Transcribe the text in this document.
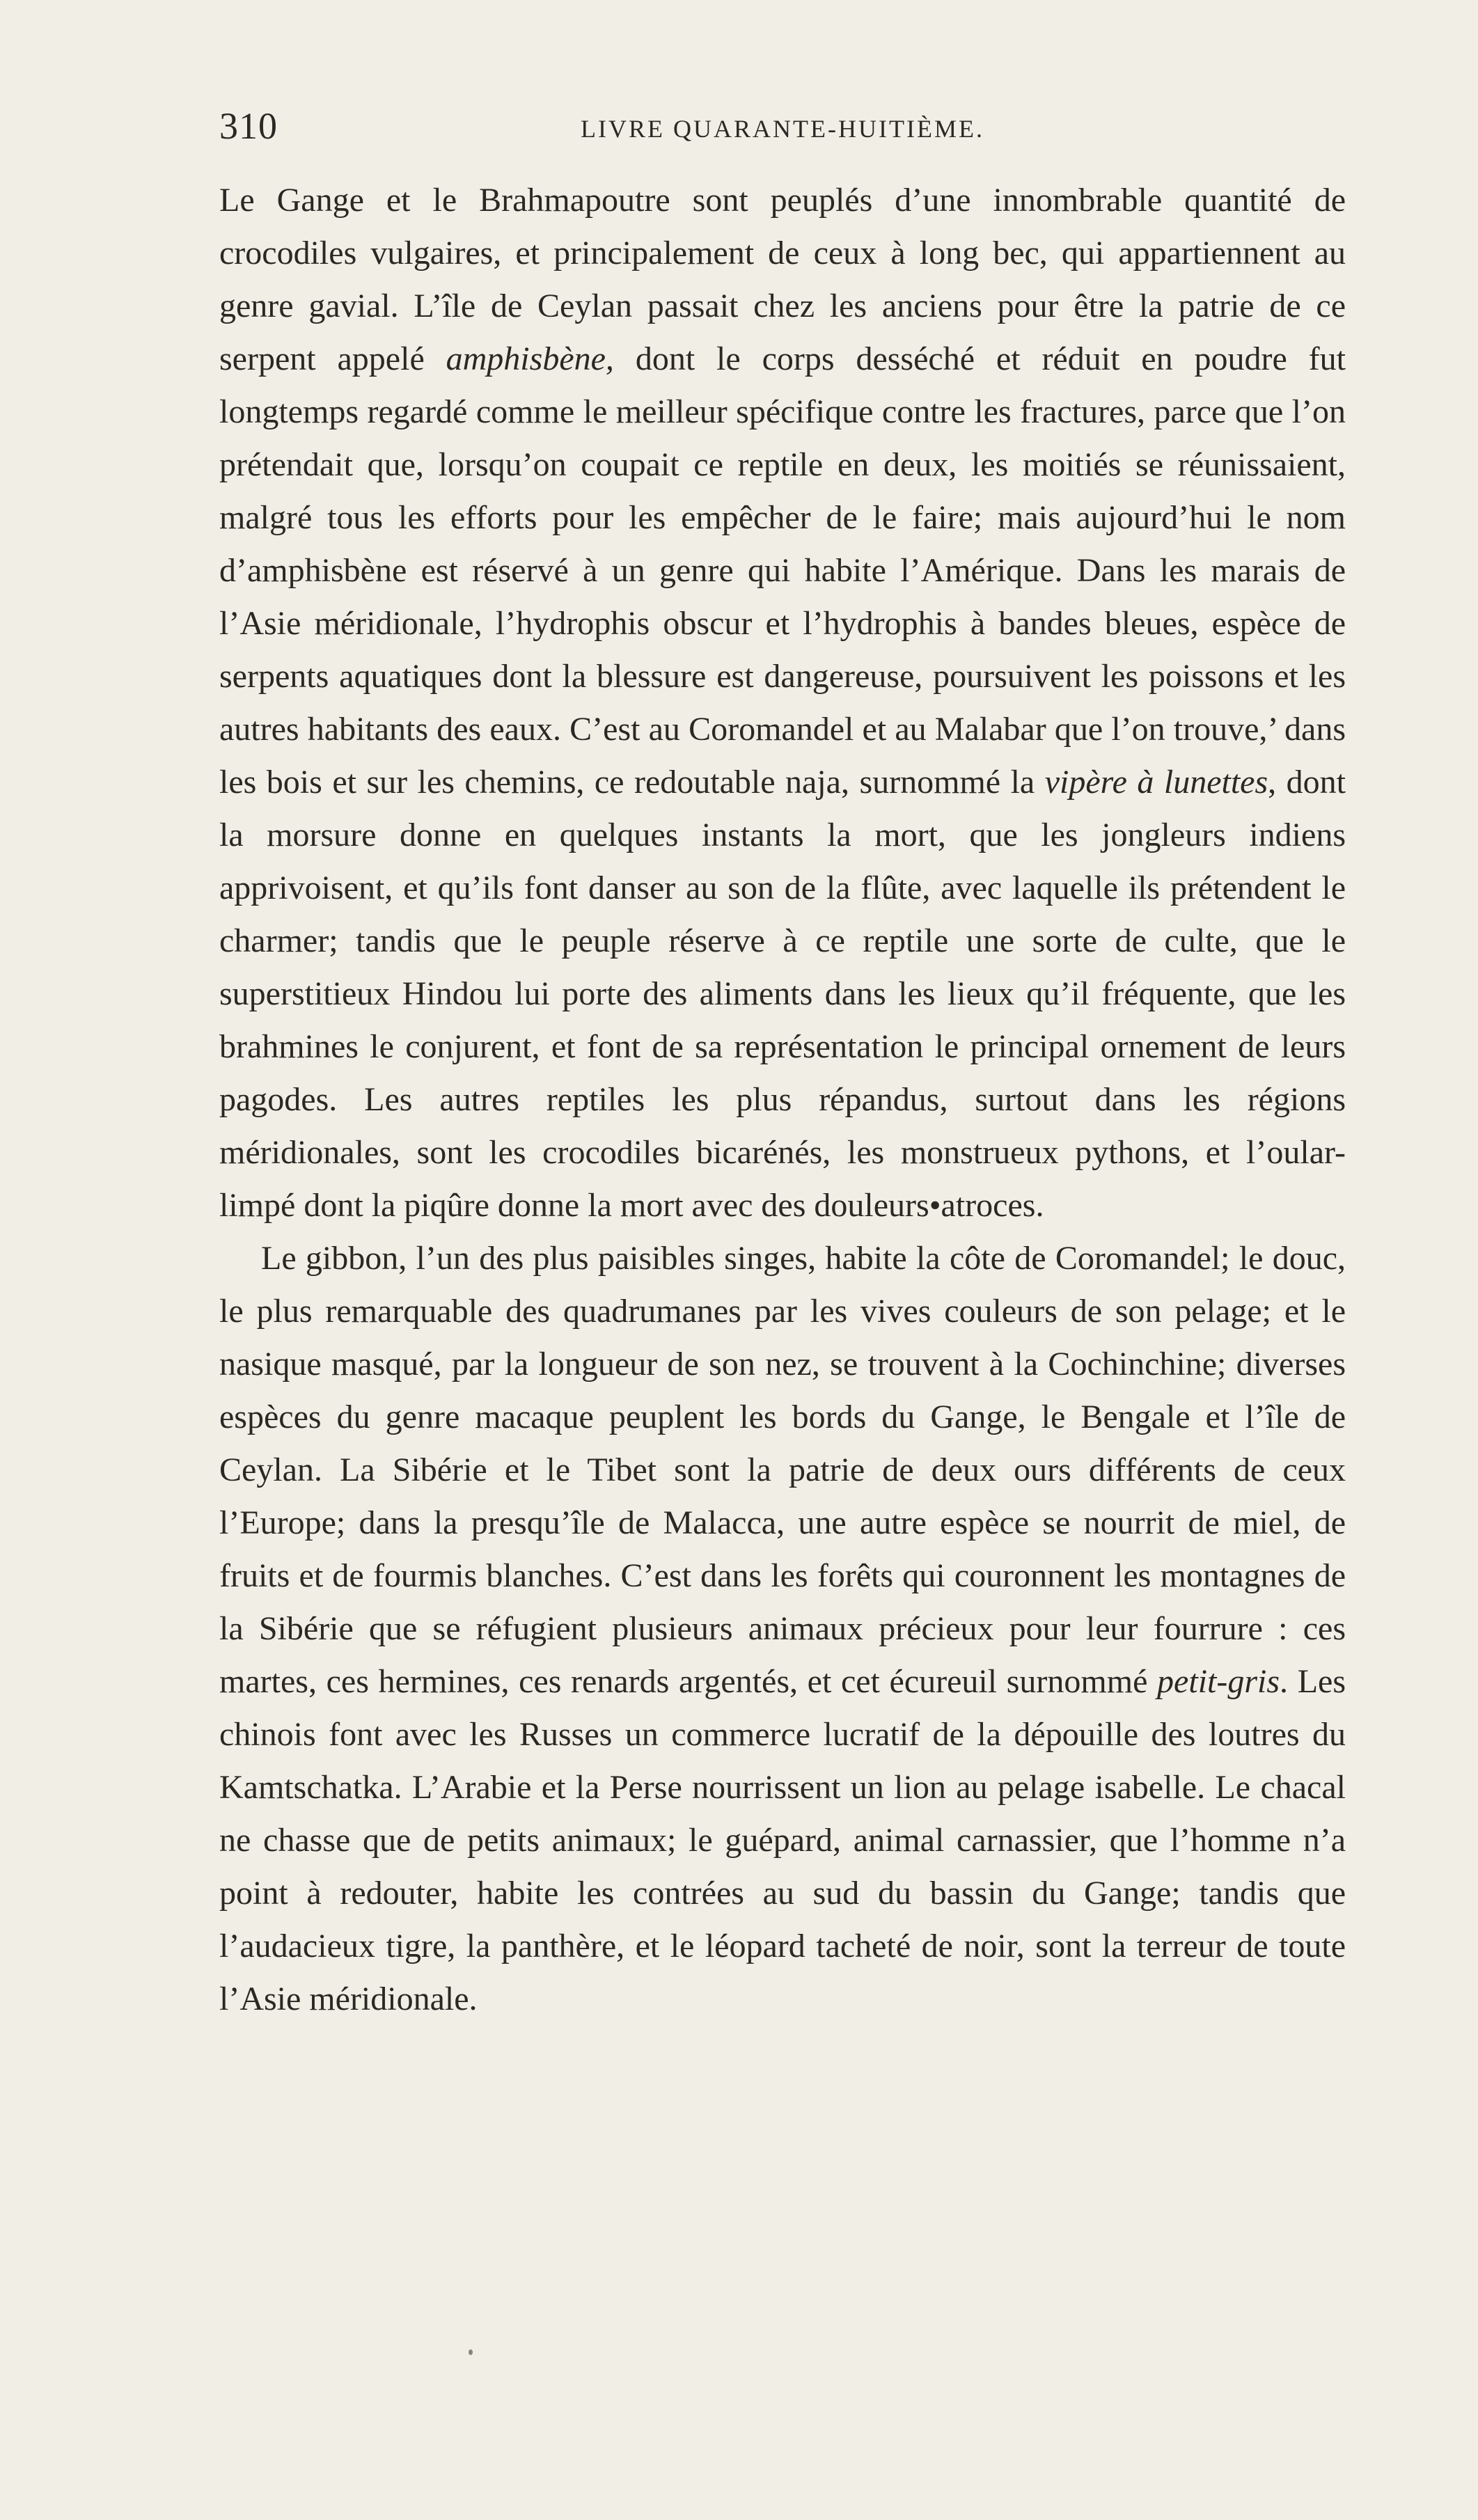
310	LIVRE QUARANTE-HUITIÈME.

Le Gange et le Brahmapoutre sont peuplés d’une innombrable quantité de crocodiles vulgaires, et principalement de ceux à long bec, qui appartiennent au genre gavial. L’île de Ceylan passait chez les anciens pour être la patrie de ce serpent appelé amphisbène, dont le corps desséché et réduit en poudre fut longtemps regardé comme le meilleur spécifique contre les fractures, parce que l’on prétendait que, lorsqu’on coupait ce reptile en deux, les moitiés se réunissaient, malgré tous les efforts pour les empêcher de le faire; mais aujourd’hui le nom d’amphisbène est réservé à un genre qui habite l’Amérique. Dans les marais de l’Asie méridionale, l’hydrophis obscur et l’hydrophis à bandes bleues, espèce de serpents aquatiques dont la blessure est dangereuse, poursuivent les poissons et les autres habitants des eaux. C’est au Coromandel et au Malabar que l’on trouve,’ dans les bois et sur les chemins, ce redoutable naja, surnommé la vipère à lunettes, dont la morsure donne en quelques instants la mort, que les jongleurs indiens apprivoisent, et qu’ils font danser au son de la flûte, avec laquelle ils prétendent le charmer; tandis que le peuple réserve à ce reptile une sorte de culte, que le superstitieux Hindou lui porte des aliments dans les lieux qu’il fréquente, que les brahmines le conjurent, et font de sa représentation le principal ornement de leurs pagodes. Les autres reptiles les plus répandus, surtout dans les régions méridionales, sont les crocodiles bicarénés, les monstrueux pythons, et l’oular-limpé dont la piqûre donne la mort avec des douleurs•atroces.

Le gibbon, l’un des plus paisibles singes, habite la côte de Coromandel; le douc, le plus remarquable des quadrumanes par les vives couleurs de son pelage; et le nasique masqué, par la longueur de son nez, se trouvent à la Cochinchine; diverses espèces du genre macaque peuplent les bords du Gange, le Bengale et l’île de Ceylan. La Sibérie et le Tibet sont la patrie de deux ours différents de ceux l’Europe; dans la presqu’île de Malacca, une autre espèce se nourrit de miel, de fruits et de fourmis blanches. C’est dans les forêts qui couronnent les montagnes de la Sibérie que se réfugient plusieurs animaux précieux pour leur fourrure : ces martes, ces hermines, ces renards argentés, et cet écureuil surnommé petit-gris. Les chinois font avec les Russes un commerce lucratif de la dépouille des loutres du Kamtschatka. L’Arabie et la Perse nourrissent un lion au pelage isabelle. Le chacal ne chasse que de petits animaux; le guépard, animal carnassier, que l’homme n’a point à redouter, habite les contrées au sud du bassin du Gange; tandis que l’audacieux tigre, la panthère, et le léopard tacheté de noir, sont la terreur de toute l’Asie méridionale.
